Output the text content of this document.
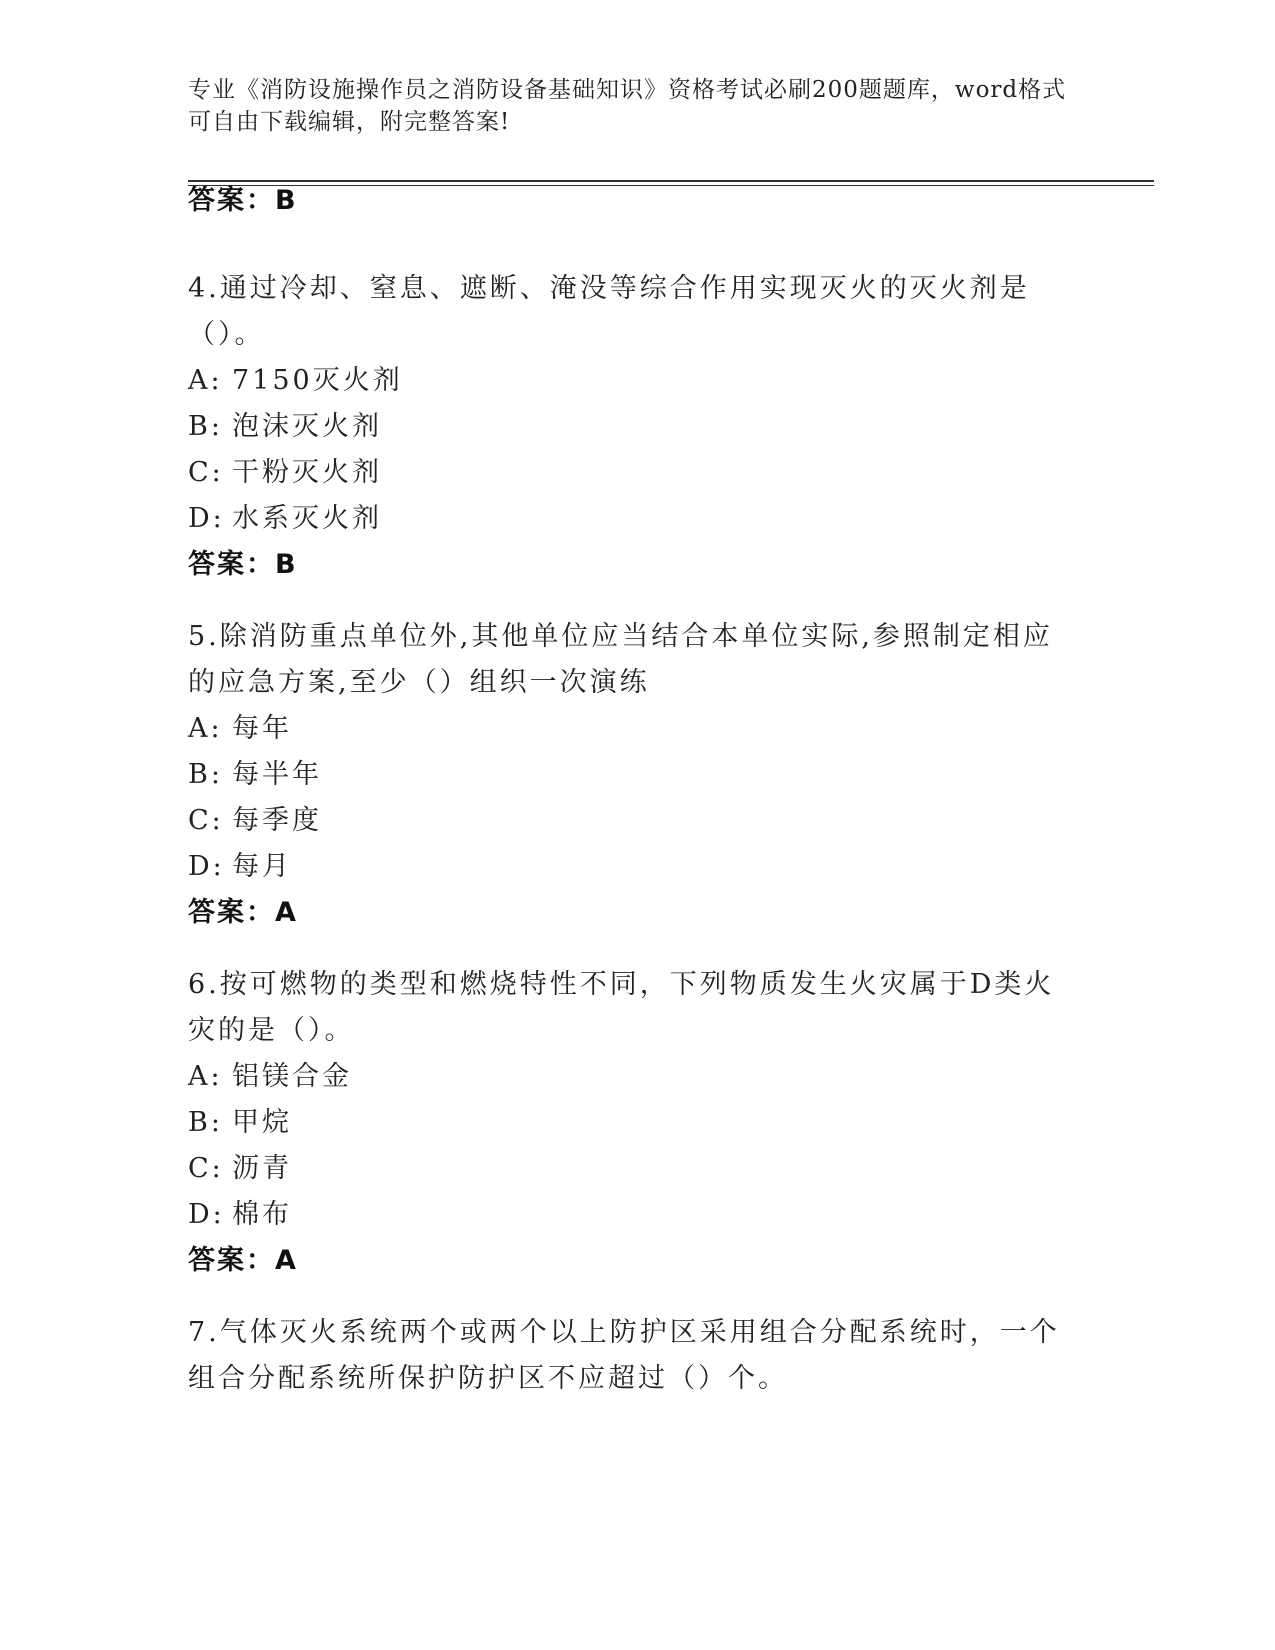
专业《消防设施操作员之消防设备基础知识》资格考试必刷200题题库，word格式可自由下载编辑，附完整答案!
答案：B
4.通过冷却、窒息、遮断、淹没等综合作用实现灭火的灭火剂是（）。
A: 7150灭火剂
B: 泡沫灭火剂
C: 干粉灭火剂
D: 水系灭火剂
答案：B
5.除消防重点单位外,其他单位应当结合本单位实际,参照制定相应的应急方案,至少（）组织一次演练
A: 每年
B: 每半年
C: 每季度
D: 每月
答案：A
6.按可燃物的类型和燃烧特性不同，下列物质发生火灾属于D类火灾的是（）。
A: 铝镁合金
B: 甲烷
C: 沥青
D: 棉布
答案：A
7.气体灭火系统两个或两个以上防护区采用组合分配系统时，一个组合分配系统所保护防护区不应超过（）个。
